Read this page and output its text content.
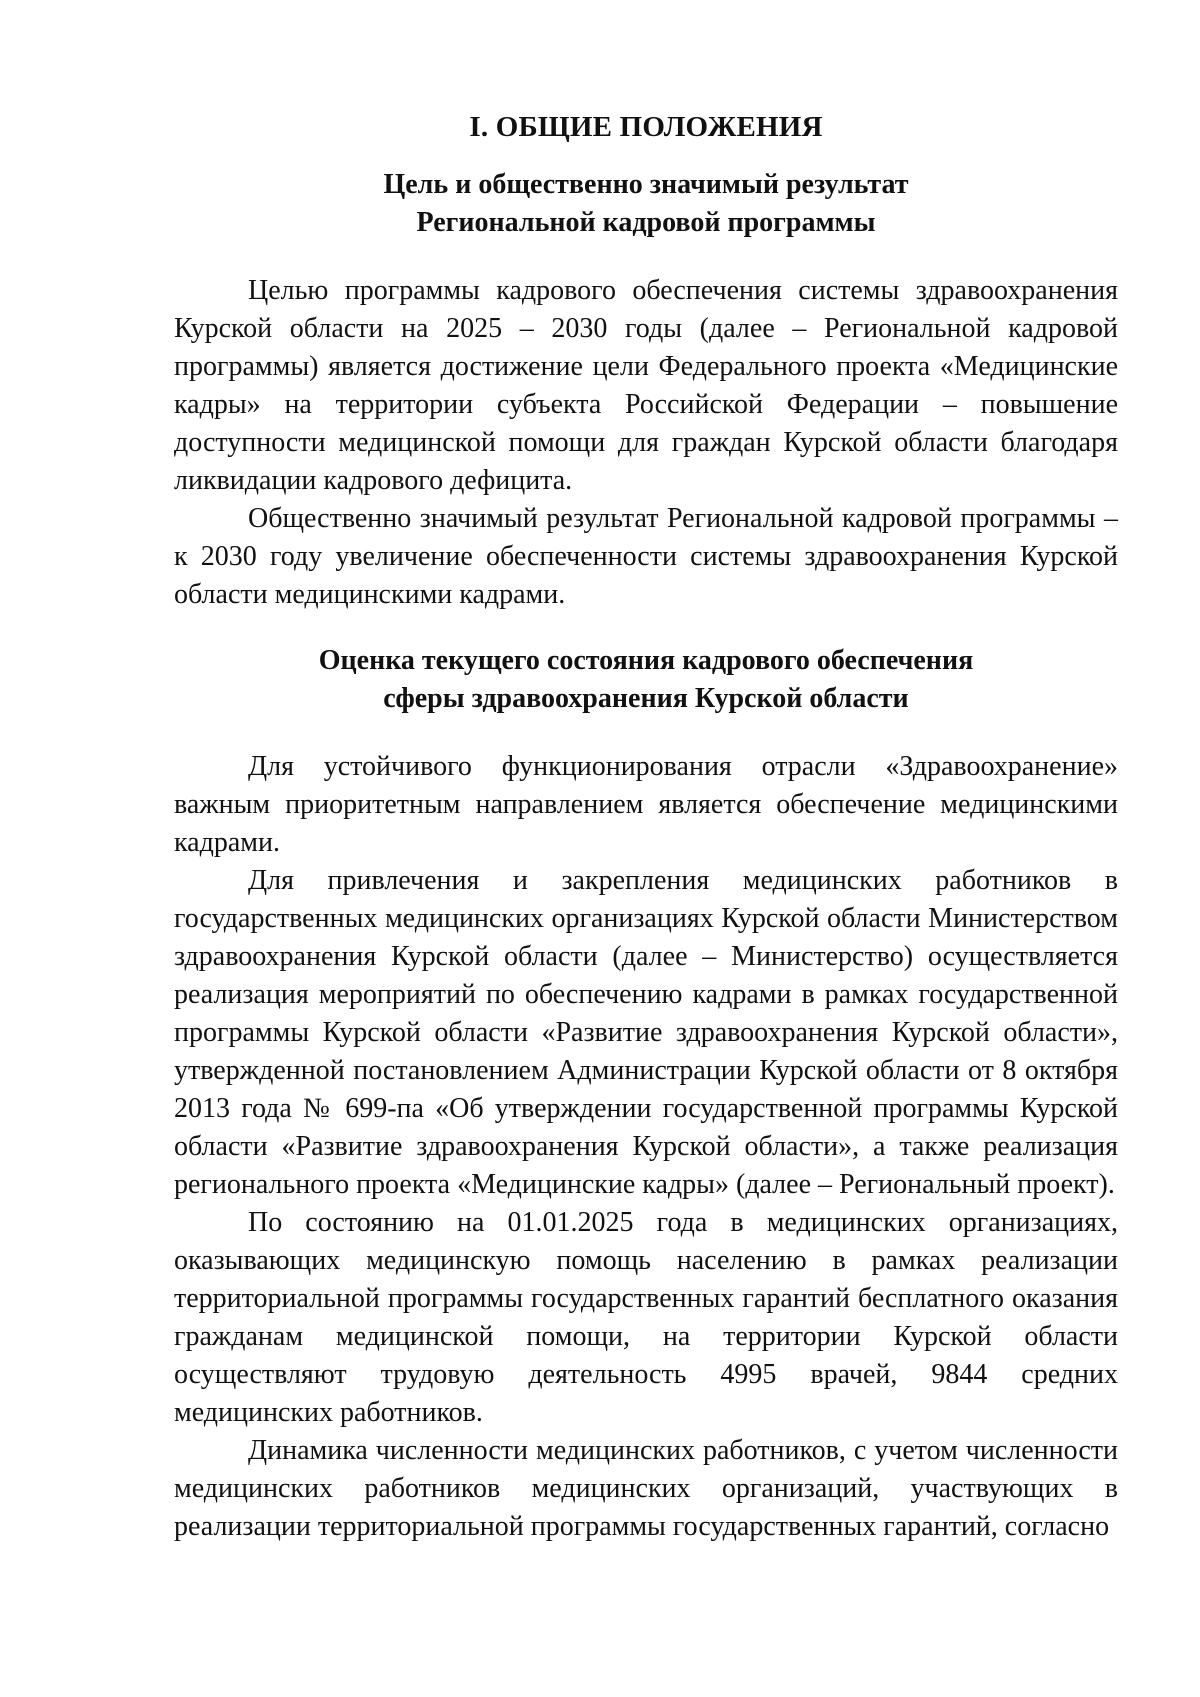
I. ОБЩИЕ ПОЛОЖЕНИЯ

Цель и общественно значимый результат

Региональной кадровой программы

Целью программы кадрового обеспечения системы здравоохранения Курской области на 2025 – 2030 годы (далее – Региональной кадровой программы) является достижение цели Федерального проекта «Медицинские кадры» на территории субъекта Российской Федерации – повышение доступности медицинской помощи для граждан Курской области благодаря ликвидации кадрового дефицита.

Общественно значимый результат Региональной кадровой программы – к 2030 году увеличение обеспеченности системы здравоохранения Курской области медицинскими кадрами.

Оценка текущего состояния кадрового обеспечения

сферы здравоохранения Курской области

Для устойчивого функционирования отрасли «Здравоохранение» важным приоритетным направлением является обеспечение медицинскими кадрами.

Для привлечения и закрепления медицинских работников в государственных медицинских организациях Курской области Министерством здравоохранения Курской области (далее – Министерство) осуществляется реализация мероприятий по обеспечению кадрами в рамках государственной программы Курской области «Развитие здравоохранения Курской области», утвержденной постановлением Администрации Курской области от 8 октября 2013 года № 699-па «Об утверждении государственной программы Курской области «Развитие здравоохранения Курской области», а также реализация регионального проекта «Медицинские кадры» (далее – Региональный проект).

По состоянию на 01.01.2025 года в медицинских организациях, оказывающих медицинскую помощь населению в рамках реализации территориальной программы государственных гарантий бесплатного оказания гражданам медицинской помощи, на территории Курской области осуществляют трудовую деятельность 4995 врачей, 9844 средних медицинских работников.

Динамика численности медицинских работников, с учетом численности медицинских работников медицинских организаций, участвующих в реализации территориальной программы государственных гарантий, согласно
